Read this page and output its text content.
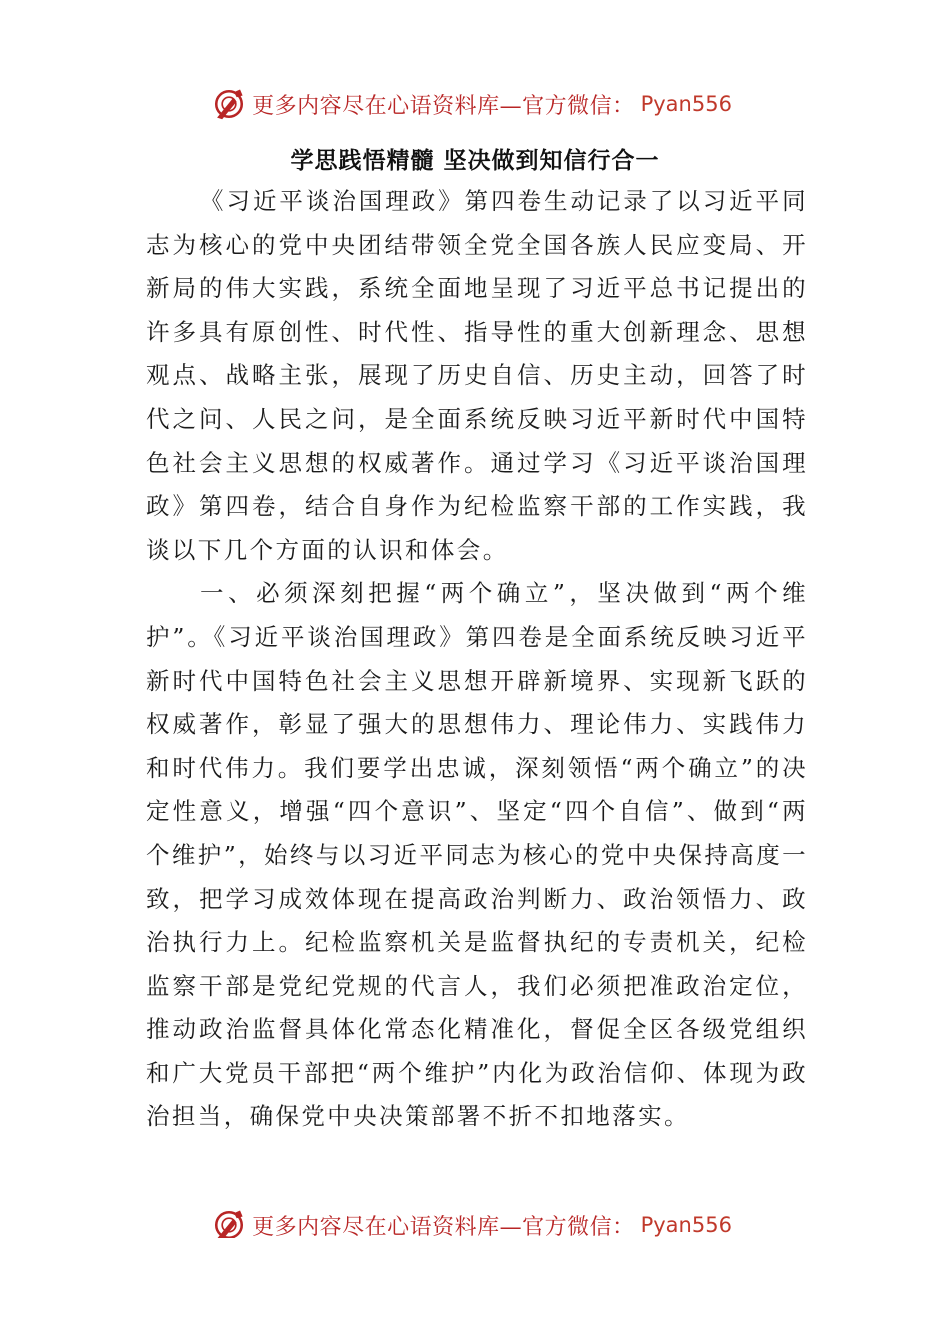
更多内容尽在心语资料库—官方微信： Pyan556
学思践悟精髓 坚决做到知信行合一

《习近平谈治国理政》第四卷生动记录了以习近平同志为核心的党中央团结带领全党全国各族人民应变局、开新局的伟大实践，系统全面地呈现了习近平总书记提出的许多具有原创性、时代性、指导性的重大创新理念、思想观点、战略主张，展现了历史自信、历史主动，回答了时代之问、人民之问，是全面系统反映习近平新时代中国特色社会主义思想的权威著作。通过学习《习近平谈治国理政》第四卷，结合自身作为纪检监察干部的工作实践，我谈以下几个方面的认识和体会。

一、必须深刻把握“两个确立”，坚决做到“两个维护”。《习近平谈治国理政》第四卷是全面系统反映习近平新时代中国特色社会主义思想开辟新境界、实现新飞跃的权威著作，彰显了强大的思想伟力、理论伟力、实践伟力和时代伟力。我们要学出忠诚，深刻领悟“两个确立”的决定性意义，增强“四个意识”、坚定“四个自信”、做到“两个维护”，始终与以习近平同志为核心的党中央保持高度一致，把学习成效体现在提高政治判断力、政治领悟力、政治执行力上。纪检监察机关是监督执纪的专责机关，纪检监察干部是党纪党规的代言人，我们必须把准政治定位，推动政治监督具体化常态化精准化，督促全区各级党组织和广大党员干部把“两个维护”内化为政治信仰、体现为政治担当，确保党中央决策部署不折不扣地落实。

更多内容尽在心语资料库—官方微信： Pyan556
